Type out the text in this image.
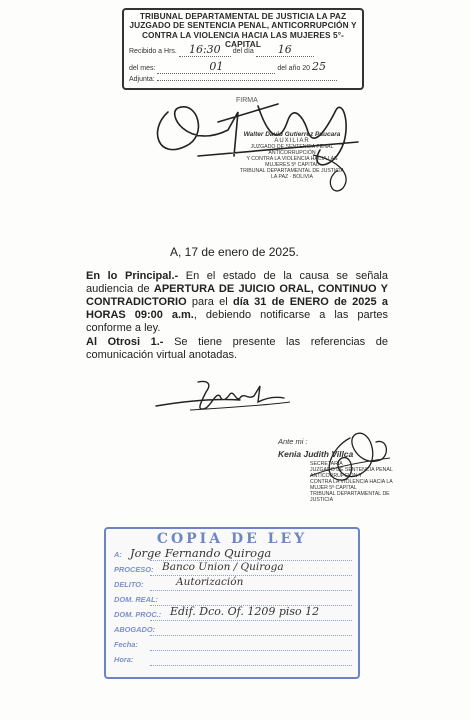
TRIBUNAL DEPARTAMENTAL DE JUSTICIA LA PAZ
JUZGADO DE SENTENCIA PENAL, ANTICORRUPCIÓN Y
CONTRA LA VIOLENCIA HACIA LAS MUJERES 5°- CAPITAL
Recibido a Hrs. 16:30 del día 16
del mes:	01	del año 20 25
Adjunta:
FIRMA
Walter David Gutierrez Paucara
AUXILIAR
JUZGADO DE SENTENCIA PENAL ANTICORRUPCIÓN
Y CONTRA LA VIOLENCIA HACIA LAS MUJERES 5º CAPITAL
TRIBUNAL DEPARTAMENTAL DE JUSTICIA
LA PAZ · BOLIVIA
A, 17 de enero de 2025.
En lo Principal.- En el estado de la causa se señala audiencia de APERTURA DE JUICIO ORAL, CONTINUO Y CONTRADICTORIO para el día 31 de ENERO de 2025 a HORAS 09:00 a.m., debiendo notificarse a las partes conforme a ley.
Al Otrosi 1.- Se tiene presente las referencias de comunicación virtual anotadas.
Ante mi :
Kenia Judith Villca
SECRETARIA
JUZGADO DE SENTENCIA PENAL ANTICORRUPCIÓN Y
CONTRA LA VIOLENCIA HACIA LA MUJER 5º CAPITAL
TRIBUNAL DEPARTAMENTAL DE JUSTICIA
COPIA DE LEY
A: Jorge Fernando Quiroga
PROCESO: Banco Union / Quiroga
DELITO:	Autorización
DOM. REAL:
DOM. PROC.: Edif. Dco. Of. 1209 piso 12
ABOGADO:
Fecha:
Hora:
